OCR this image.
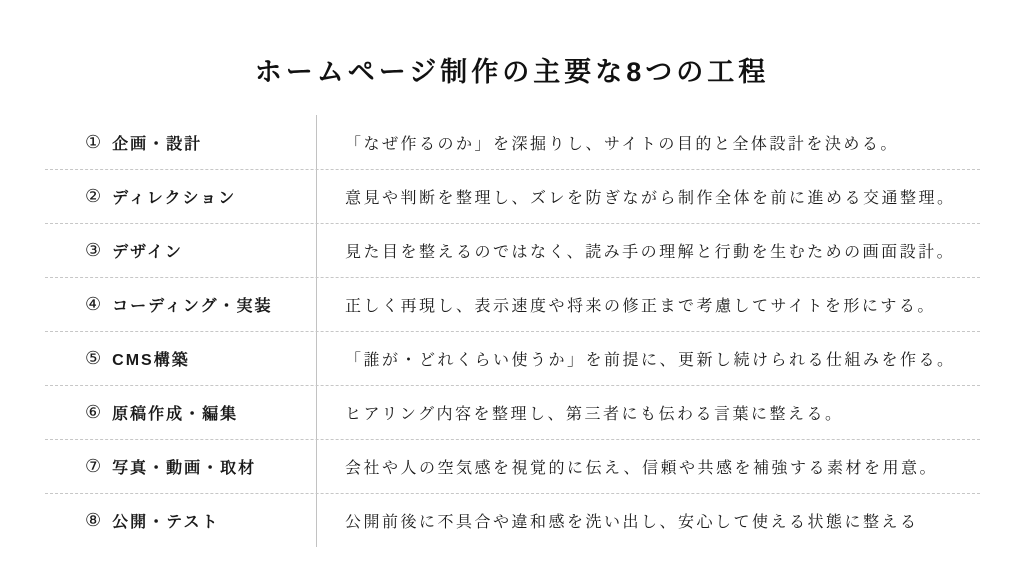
ホームページ制作の主要な8つの工程
① 企画・設計	「なぜ作るのか」を深掘りし、サイトの目的と全体設計を決める。
② ディレクション	意見や判断を整理し、ズレを防ぎながら制作全体を前に進める交通整理。
③ デザイン	見た目を整えるのではなく、読み手の理解と行動を生むための画面設計。
④ コーディング・実装	正しく再現し、表示速度や将来の修正まで考慮してサイトを形にする。
⑤ CMS構築	「誰が・どれくらい使うか」を前提に、更新し続けられる仕組みを作る。
⑥ 原稿作成・編集	ヒアリング内容を整理し、第三者にも伝わる言葉に整える。
⑦ 写真・動画・取材	会社や人の空気感を視覚的に伝え、信頼や共感を補強する素材を用意。
⑧ 公開・テスト	公開前後に不具合や違和感を洗い出し、安心して使える状態に整える
